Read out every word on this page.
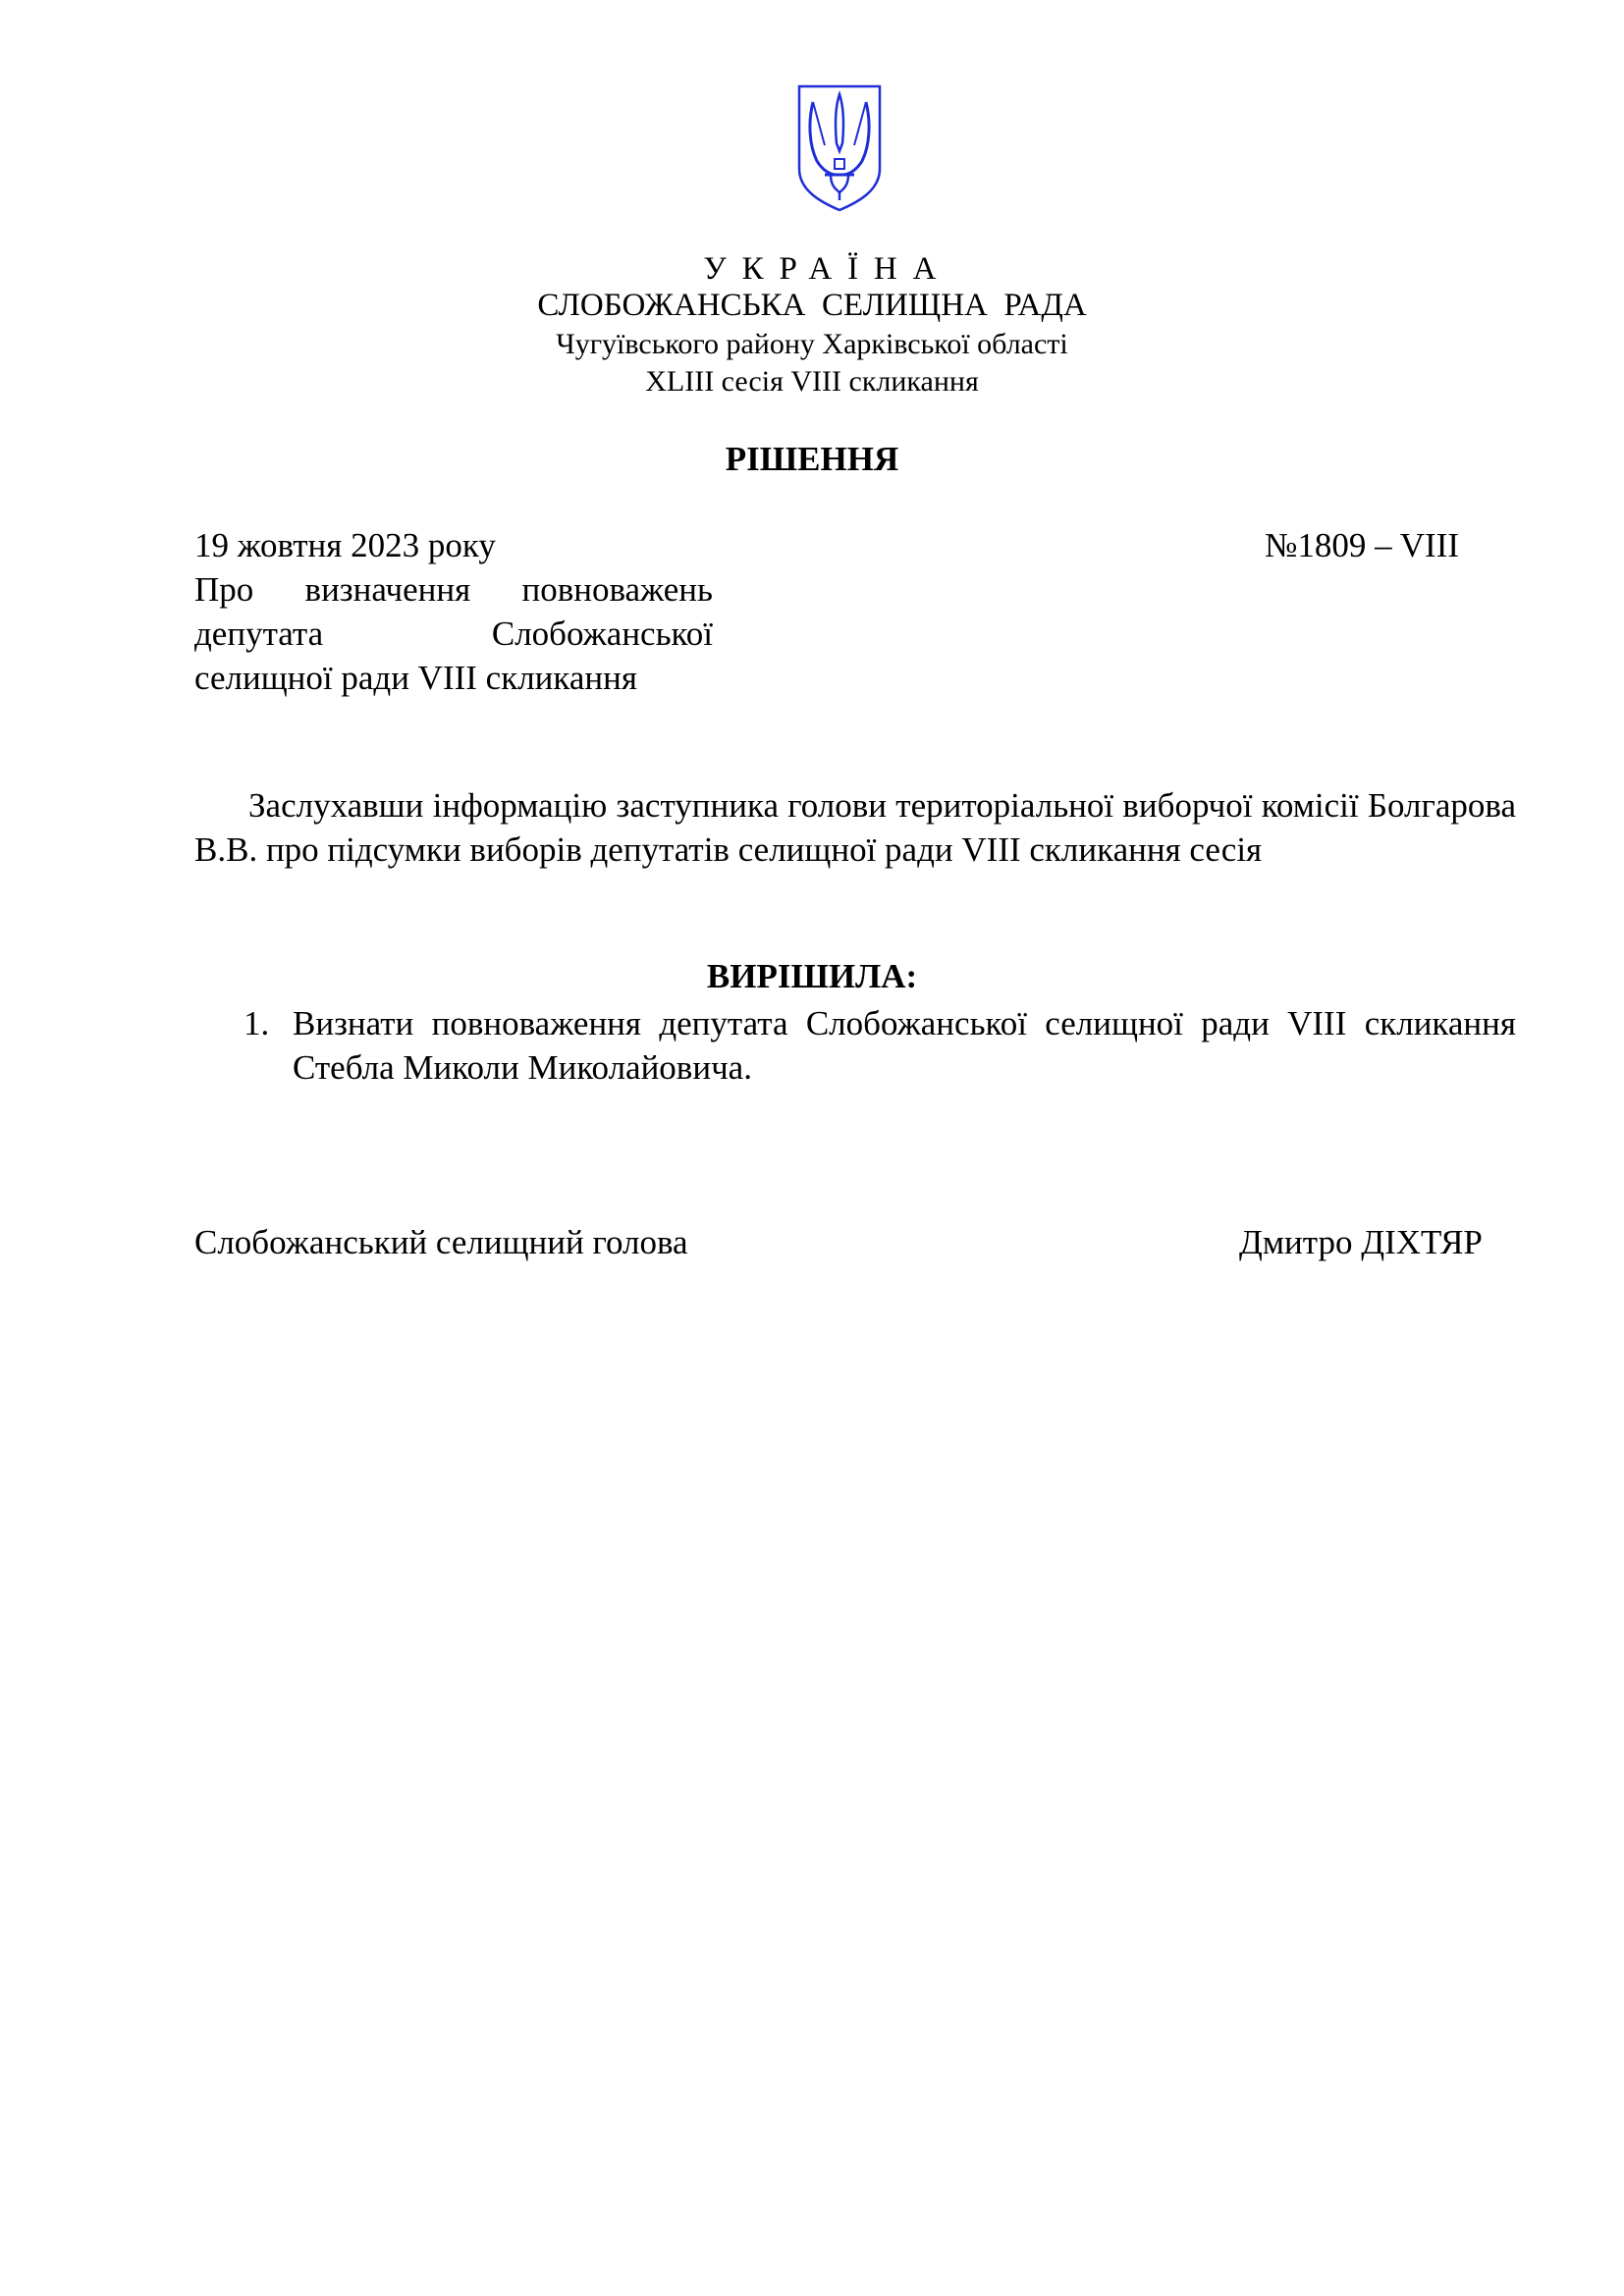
УКРАЇНА
СЛОБОЖАНСЬКА СЕЛИЩНА РАДА
Чугуївського району Харківської області
XLIII сесія VIII скликання
РІШЕННЯ
19 жовтня 2023 року	№1809 – VIII
Про визначення повноважень
депутата Слобожанської
селищної ради VIII скликання
Заслухавши інформацію заступника голови територіальної виборчої комісії Болгарова В.В. про підсумки виборів депутатів селищної ради VIII скликання сесія
ВИРІШИЛА:
1. Визнати повноваження депутата Слобожанської селищної ради VIII скликання Стебла Миколи Миколайовича.
Слобожанський селищний голова	Дмитро ДІХТЯР
